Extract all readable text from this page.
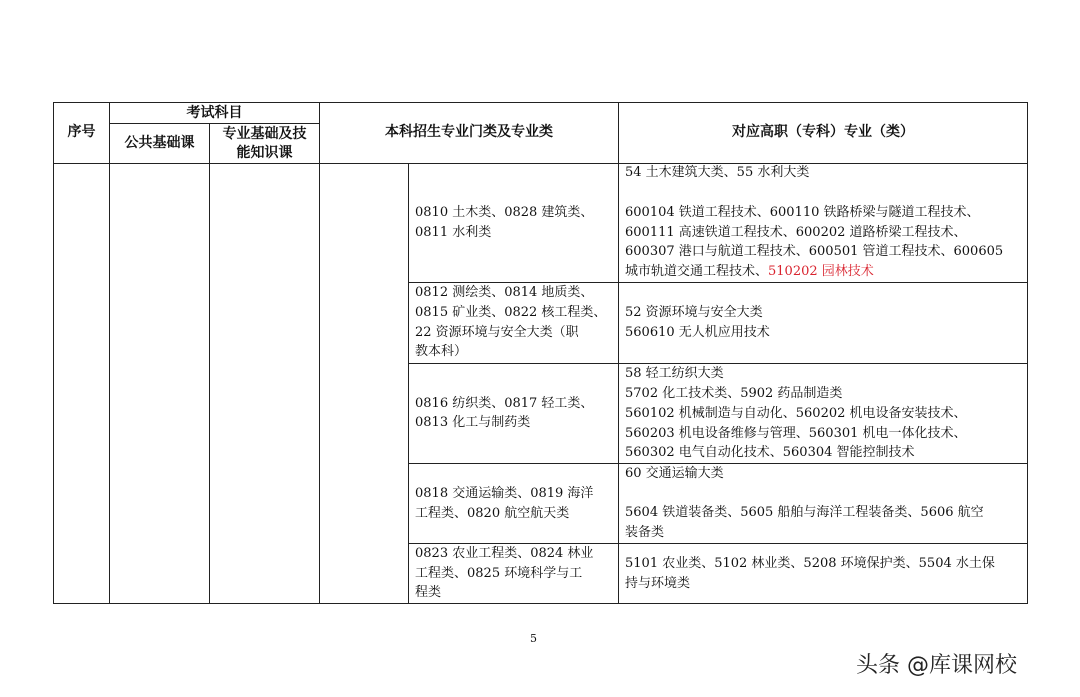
序号
考试科目
公共基础课
专业基础及技
能知识课
本科招生专业门类及专业类	对应高职（专科）专业（类）
0810 土木类、0828 建筑类、
0811 水利类
54 土木建筑大类、55 水利大类
600104 铁道工程技术、600110 铁路桥梁与隧道工程技术、
600111 高速铁道工程技术、600202 道路桥梁工程技术、
600307 港口与航道工程技术、600501 管道工程技术、600605
城市轨道交通工程技术、510202 园林技术
0812 测绘类、0814 地质类、
0815 矿业类、0822 核工程类、
22 资源环境与安全大类（职
教本科）
52 资源环境与安全大类
560610 无人机应用技术
0816 纺织类、0817 轻工类、
0813 化工与制药类
58 轻工纺织大类
5702 化工技术类、5902 药品制造类
560102 机械制造与自动化、560202 机电设备安装技术、
560203 机电设备维修与管理、560301 机电一体化技术、
560302 电气自动化技术、560304 智能控制技术
0818 交通运输类、0819 海洋
工程类、0820 航空航天类
60 交通运输大类
5604 铁道装备类、5605 船舶与海洋工程装备类、5606 航空
装备类
0823 农业工程类、0824 林业
工程类、0825 环境科学与工
程类
5101 农业类、5102 林业类、5208 环境保护类、5504 水土保
持与环境类
5
头条 @库课网校
